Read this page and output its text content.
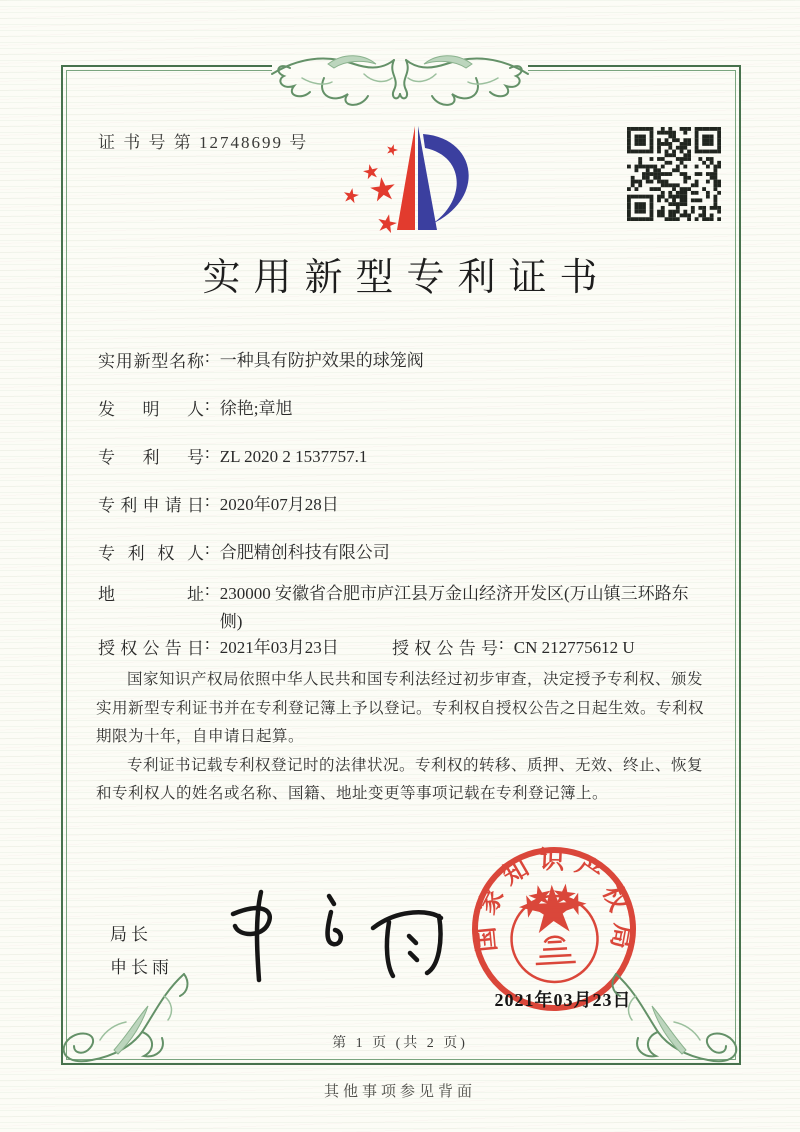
证 书 号 第 12748699 号
实用新型专利证书
实用新型名称: 一种具有防护效果的球笼阀
发明人: 徐艳;章旭
专利号: ZL 2020 2 1537757.1
专利申请日: 2020年07月28日
专利权人: 合肥精创科技有限公司
地址: 230000 安徽省合肥市庐江县万金山经济开发区(万山镇三环路东侧)
授权公告日: 2021年03月23日	授权公告号: CN 212775612 U

国家知识产权局依照中华人民共和国专利法经过初步审查，决定授予专利权、颁发实用新型专利证书并在专利登记簿上予以登记。专利权自授权公告之日起生效。专利权期限为十年，自申请日起算。

专利证书记载专利权登记时的法律状况。专利权的转移、质押、无效、终止、恢复和专利权人的姓名或名称、国籍、地址变更等事项记载在专利登记簿上。

局长
申长雨
国家知识产权局
2021年03月23日
第 1 页 (共 2 页)
其他事项参见背面
